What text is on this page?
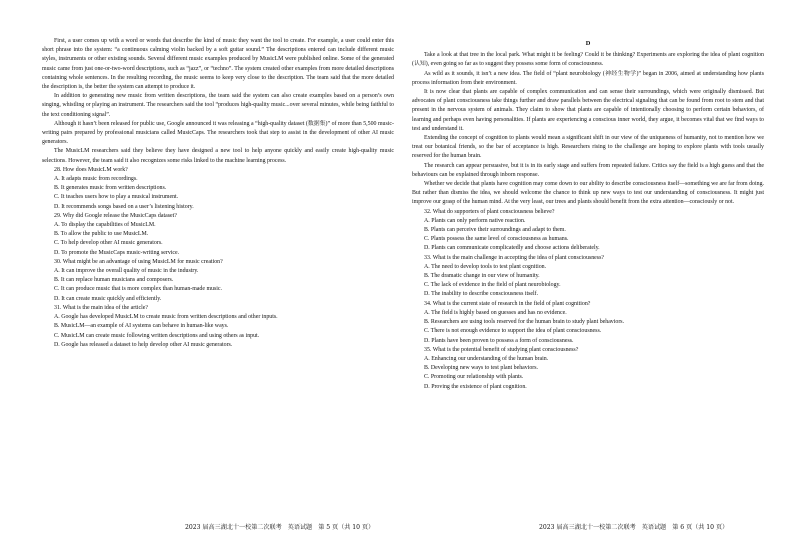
First, a user comes up with a word or words that describe the kind of music they want the tool to create. For example, a user could enter this short phrase into the system: “a continuous calming violin backed by a soft guitar sound.” The descriptions entered can include different music styles, instruments or other existing sounds. Several different music examples produced by MusicLM were published online. Some of the generated music came from just one-or-two-word descriptions, such as “jazz”, or “techno”. The system created other examples from more detailed descriptions containing whole sentences. In the resulting recording, the music seems to keep very close to the description. The team said that the more detailed the description is, the better the system can attempt to produce it.

In addition to generating new music from written descriptions, the team said the system can also create examples based on a person’s own singing, whistling or playing an instrument. The researchers said the tool “produces high-quality music...over several minutes, while being faithful to the text conditioning signal”.

Although it hasn’t been released for public use, Google announced it was releasing a “high-quality dataset (数据集)” of more than 5,500 music-writing pairs prepared by professional musicians called MusicCaps. The researchers took that step to assist in the development of other AI music generators.

The MusicLM researchers said they believe they have designed a new tool to help anyone quickly and easily create high-quality music selections. However, the team said it also recognizes some risks linked to the machine learning process.

28. How does MusicLM work?

A. It adapts music from recordings.

B. It generates music from written descriptions.

C. It teaches users how to play a musical instrument.

D. It recommends songs based on a user’s listening history.

29. Why did Google release the MusicCaps dataset?

A. To display the capabilities of MusicLM.

B. To allow the public to use MusicLM.

C. To help develop other AI music generators.

D. To promote the MusicCaps music-writing service.

30. What might be an advantage of using MusicLM for music creation?

A. It can improve the overall quality of music in the industry.

B. It can replace human musicians and composers.

C. It can produce music that is more complex than human-made music.

D. It can create music quickly and efficiently.

31. What is the main idea of the article?

A. Google has developed MusicLM to create music from written descriptions and other inputs.

B. MusicLM—an example of AI systems can behave in human-like ways.

C. MusicLM can create music following written descriptions and using others as input.

D. Google has released a dataset to help develop other AI music generators.

D

Take a look at that tree in the local park. What might it be feeling? Could it be thinking? Experiments are exploring the idea of plant cognition (认知), even going so far as to suggest they possess some form of consciousness.

As wild as it sounds, it isn’t a new idea. The field of “plant neurobiology (神经生物学)” began in 2006, aimed at understanding how plants process information from their environment.

It is now clear that plants are capable of complex communication and can sense their surroundings, which were originally dismissed. But advocates of plant consciousness take things further and draw parallels between the electrical signaling that can be found from root to stem and that present in the nervous system of animals. They claim to show that plants are capable of intentionally choosing to perform certain behaviors, of learning and perhaps even having personalities. If plants are experiencing a conscious inner world, they argue, it becomes vital that we find ways to test and understand it.

Extending the concept of cognition to plants would mean a significant shift in our view of the uniqueness of humanity, not to mention how we treat our botanical friends, so the bar of acceptance is high. Researchers rising to the challenge are hoping to explore plants with tools usually reserved for the human brain.

The research can appear persuasive, but it is in its early stage and suffers from repeated failure. Critics say the field is a high guess and that the behaviours can be explained through inborn response.

Whether we decide that plants have cognition may come down to our ability to describe consciousness itself—something we are far from doing. But rather than dismiss the idea, we should welcome the chance to think up new ways to test our understanding of consciousness. It might just improve our grasp of the human mind. At the very least, our trees and plants should benefit from the extra attention—consciously or not.

32. What do supporters of plant consciousness believe?

A. Plants can only perform native reaction.

B. Plants can perceive their surroundings and adapt to them.

C. Plants possess the same level of consciousness as humans.

D. Plants can communicate complicatedly and choose actions deliberately.

33. What is the main challenge in accepting the idea of plant consciousness?

A. The need to develop tools to test plant cognition.

B. The dramatic change in our view of humanity.

C. The lack of evidence in the field of plant neurobiology.

D. The inability to describe consciousness itself.

34. What is the current state of research in the field of plant cognition?

A. The field is highly based on guesses and has no evidence.

B. Researchers are using tools reserved for the human brain to study plant behaviors.

C. There is not enough evidence to support the idea of plant consciousness.

D. Plants have been proven to possess a form of consciousness.

35. What is the potential benefit of studying plant consciousness?

A. Enhancing our understanding of the human brain.

B. Developing new ways to test plant behaviors.

C. Promoting our relationship with plants.

D. Proving the existence of plant cognition.

2023 届高三湖北十一校第二次联考　英语试题　第 5 页（共 10 页）	2023 届高三湖北十一校第二次联考　英语试题　第 6 页（共 10 页）
